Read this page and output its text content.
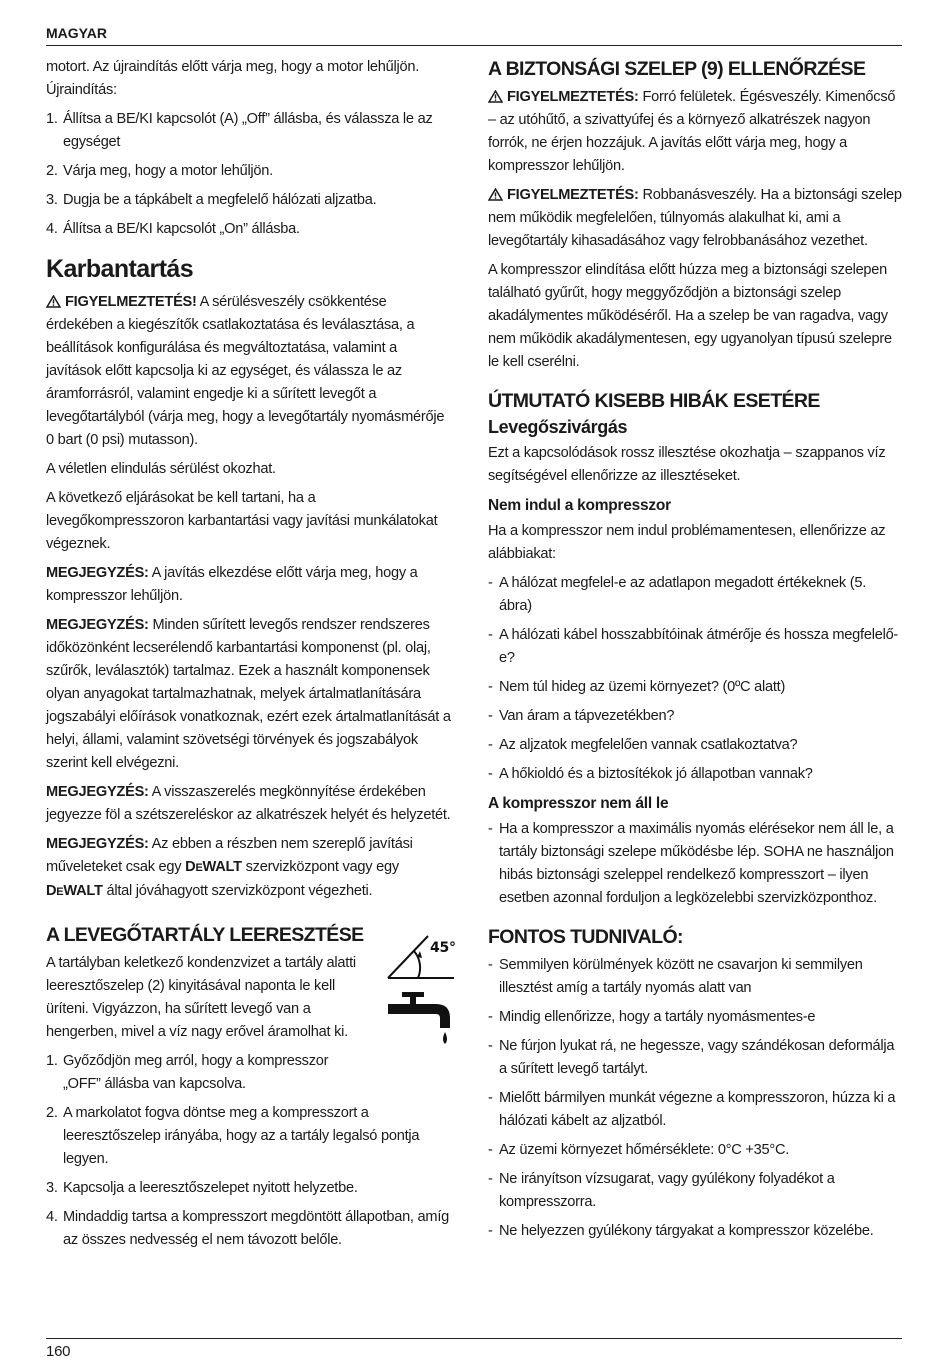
MAGYAR

motort. Az újraindítás előtt várja meg, hogy a motor lehűljön.

Újraindítás:

1. Állítsa a BE/KI kapcsolót (A) „Off” állásba, és válassza le az egységet
2. Várja meg, hogy a motor lehűljön.
3. Dugja be a tápkábelt a megfelelő hálózati aljzatba.
4. Állítsa a BE/KI kapcsolót „On” állásba.
Karbantartás

FIGYELMEZTETÉS! A sérülésveszély csökkentése érdekében a kiegészítők csatlakoztatása és leválasztása, a beállítások konfigurálása és megváltoztatása, valamint a javítások előtt kapcsolja ki az egységet, és válassza le az áramforrásról, valamint engedje ki a sűrített levegőt a levegőtartályból (várja meg, hogy a levegőtartály nyomásmérője 0 bart (0 psi) mutasson).

A véletlen elindulás sérülést okozhat.

A következő eljárásokat be kell tartani, ha a levegőkompresszoron karbantartási vagy javítási munkálatokat végeznek.

MEGJEGYZÉS: A javítás elkezdése előtt várja meg, hogy a kompresszor lehűljön.

MEGJEGYZÉS: Minden sűrített levegős rendszer rendszeres időközönként lecserélendő karbantartási komponenst (pl. olaj, szűrők, leválasztók) tartalmaz. Ezek a használt komponensek olyan anyagokat tartalmazhatnak, melyek ártalmatlanítására jogszabályi előírások vonatkoznak, ezért ezek ártalmatlanítását a helyi, állami, valamint szövetségi törvények és jogszabályok szerint kell elvégezni.

MEGJEGYZÉS: A visszaszerelés megkönnyítése érdekében jegyezze föl a szétszereléskor az alkatrészek helyét és helyzetét.

MEGJEGYZÉS: Az ebben a részben nem szereplő javítási műveleteket csak egy DEWALT szervizközpont vagy egy DEWALT által jóváhagyott szervizközpont végezheti.

A LEVEGŐTARTÁLY LEERESZTÉSE

A tartályban keletkező kondenzvizet a tartály alatti leeresztőszelep (2) kinyitásával naponta le kell üríteni. Vigyázzon, ha sűrített levegő van a hengerben, mivel a víz nagy erővel áramolhat ki.

1. Győződjön meg arról, hogy a kompresszor „OFF” állásba van kapcsolva.
2. A markolatot fogva döntse meg a kompresszort a leeresztőszelep irányába, hogy az a tartály legalsó pontja legyen.
3. Kapcsolja a leeresztőszelepet nyitott helyzetbe.
4. Mindaddig tartsa a kompresszort megdöntött állapotban, amíg az összes nedvesség el nem távozott belőle.
45°
A BIZTONSÁGI SZELEP (9) ELLENŐRZÉSE

FIGYELMEZTETÉS: Forró felületek. Égésveszély. Kimenőcső – az utóhűtő, a szivattyúfej és a környező alkatrészek nagyon forrók, ne érjen hozzájuk. A javítás előtt várja meg, hogy a kompresszor lehűljön.

FIGYELMEZTETÉS: Robbanásveszély. Ha a biztonsági szelep nem működik megfelelően, túlnyomás alakulhat ki, ami a levegőtartály kihasadásához vagy felrobbanásához vezethet.

A kompresszor elindítása előtt húzza meg a biztonsági szelepen található gyűrűt, hogy meggyőződjön a biztonsági szelep akadálymentes működéséről. Ha a szelep be van ragadva, vagy nem működik akadálymentesen, egy ugyanolyan típusú szelepre le kell cserélni.

ÚTMUTATÓ KISEBB HIBÁK ESETÉRE
Levegőszivárgás

Ezt a kapcsolódások rossz illesztése okozhatja – szappanos víz segítségével ellenőrizze az illesztéseket.

Nem indul a kompresszor

Ha a kompresszor nem indul problémamentesen, ellenőrizze az alábbiakat:

- A hálózat megfelel-e az adatlapon megadott értékeknek (5. ábra)
- A hálózati kábel hosszabbítóinak átmérője és hossza megfelelő-e?
- Nem túl hideg az üzemi környezet? (0ºC alatt)
- Van áram a tápvezetékben?
- Az aljzatok megfelelően vannak csatlakoztatva?
- A hőkioldó és a biztosítékok jó állapotban vannak?
A kompresszor nem áll le
- Ha a kompresszor a maximális nyomás elérésekor nem áll le, a tartály biztonsági szelepe működésbe lép. SOHA ne használjon hibás biztonsági szeleppel rendelkező kompresszort – ilyen esetben azonnal forduljon a legközelebbi szervizközponthoz.
FONTOS TUDNIVALÓ:
- Semmilyen körülmények között ne csavarjon ki semmilyen illesztést amíg a tartály nyomás alatt van
- Mindig ellenőrizze, hogy a tartály nyomásmentes-e
- Ne fúrjon lyukat rá, ne hegessze, vagy szándékosan deformálja a sűrített levegő tartályt.
- Mielőtt bármilyen munkát végezne a kompresszoron, húzza ki a hálózati kábelt az aljzatból.
- Az üzemi környezet hőmérséklete: 0°C +35°C.
- Ne irányítson vízsugarat, vagy gyúlékony folyadékot a kompresszorra.
- Ne helyezzen gyúlékony tárgyakat a kompresszor közelébe.
160
